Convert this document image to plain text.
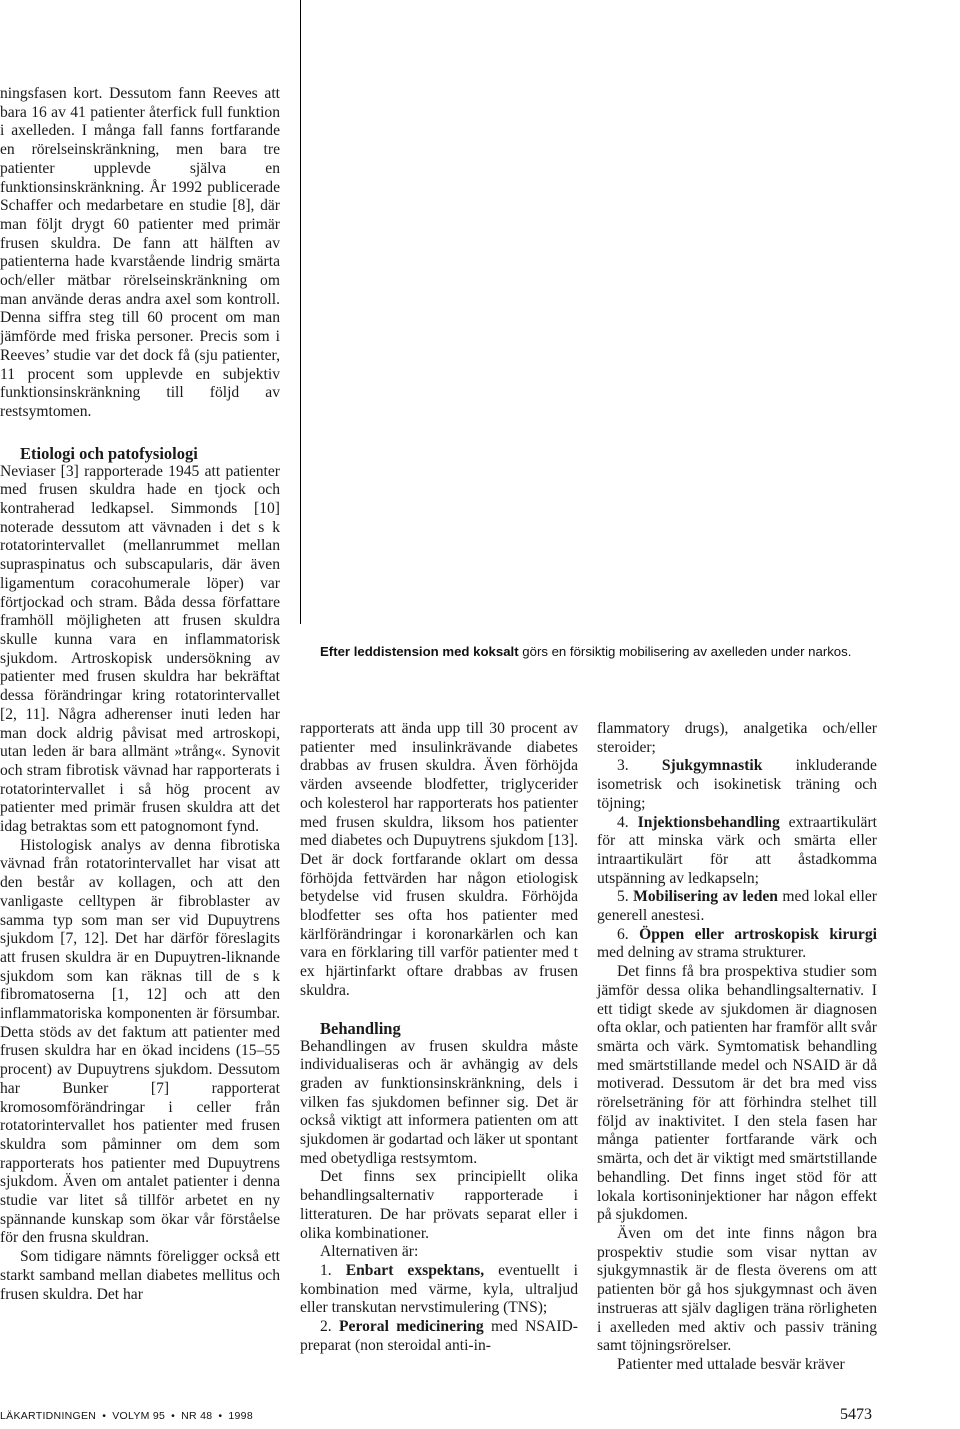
ningsfasen kort. Dessutom fann Reeves att bara 16 av 41 patienter återfick full funktion i axelleden. I många fall fanns fortfarande en rörelseinskränkning, men bara tre patienter upplevde själva en funktionsinskränkning. År 1992 publicerade Schaffer och medarbetare en studie [8], där man följt drygt 60 patienter med primär frusen skuldra. De fann att hälften av patienterna hade kvarstående lindrig smärta och/eller mätbar rörelseinskränkning om man använde deras andra axel som kontroll. Denna siffra steg till 60 procent om man jämförde med friska personer. Precis som i Reeves’ studie var det dock få (sju patienter, 11 procent som upplevde en subjektiv funktionsinskränkning till följd av restsymtomen.

Etiologi och patofysiologi

Neviaser [3] rapporterade 1945 att patienter med frusen skuldra hade en tjock och kontraherad ledkapsel. Simmonds [10] noterade dessutom att vävnaden i det s k rotatorintervallet (mellanrummet mellan supraspinatus och subscapularis, där även ligamentum coracohumerale löper) var förtjockad och stram. Båda dessa författare framhöll möjligheten att frusen skuldra skulle kunna vara en inflammatorisk sjukdom. Artroskopisk undersökning av patienter med frusen skuldra har bekräftat dessa förändringar kring rotatorintervallet [2, 11]. Några adherenser inuti leden har man dock aldrig påvisat med artroskopi, utan leden är bara allmänt »trång«. Synovit och stram fibrotisk vävnad har rapporterats i rotatorintervallet i så hög procent av patienter med primär frusen skuldra att det idag betraktas som ett patognomont fynd.

Histologisk analys av denna fibrotiska vävnad från rotatorintervallet har visat att den består av kollagen, och att den vanligaste celltypen är fibroblaster av samma typ som man ser vid Dupuytrens sjukdom [7, 12]. Det har därför föreslagits att frusen skuldra är en Dupuytren-liknande sjukdom som kan räknas till de s k fibromatoserna [1, 12] och att den inflammatoriska komponenten är försumbar. Detta stöds av det faktum att patienter med frusen skuldra har en ökad incidens (15–55 procent) av Dupuytrens sjukdom. Dessutom har Bunker [7] rapporterat kromosomförändringar i celler från rotatorintervallet hos patienter med frusen skuldra som påminner om dem som rapporterats hos patienter med Dupuytrens sjukdom. Även om antalet patienter i denna studie var litet så tillför arbetet en ny spännande kunskap som ökar vår förståelse för den frusna skuldran.

Som tidigare nämnts föreligger också ett starkt samband mellan diabetes mellitus och frusen skuldra. Det har

Efter leddistension med koksalt görs en försiktig mobilisering av axelleden under narkos.

rapporterats att ända upp till 30 procent av patienter med insulinkrävande diabetes drabbas av frusen skuldra. Även förhöjda värden avseende blodfetter, triglycerider och kolesterol har rapporterats hos patienter med frusen skuldra, liksom hos patienter med diabetes och Dupuytrens sjukdom [13]. Det är dock fortfarande oklart om dessa förhöjda fettvärden har någon etiologisk betydelse vid frusen skuldra. Förhöjda blodfetter ses ofta hos patienter med kärlförändringar i koronarkärlen och kan vara en förklaring till varför patienter med t ex hjärtinfarkt oftare drabbas av frusen skuldra.

Behandling

Behandlingen av frusen skuldra måste individualiseras och är avhängig av dels graden av funktionsinskränkning, dels i vilken fas sjukdomen befinner sig. Det är också viktigt att informera patienten om att sjukdomen är godartad och läker ut spontant med obetydliga restsymtom.

Det finns sex principiellt olika behandlingsalternativ rapporterade i litteraturen. De har prövats separat eller i olika kombinationer.

Alternativen är:

1. Enbart exspektans, eventuellt i kombination med värme, kyla, ultraljud eller transkutan nervstimulering (TNS);

2. Peroral medicinering med NSAID-preparat (non steroidal anti-in-

flammatory drugs), analgetika och/eller steroider;

3. Sjukgymnastik inkluderande isometrisk och isokinetisk träning och töjning;

4. Injektionsbehandling extraartikulärt för att minska värk och smärta eller intraartikulärt för att åstadkomma utspänning av ledkapseln;

5. Mobilisering av leden med lokal eller generell anestesi.

6. Öppen eller artroskopisk kirurgi med delning av strama strukturer.

Det finns få bra prospektiva studier som jämför dessa olika behandlingsalternativ. I ett tidigt skede av sjukdomen är diagnosen ofta oklar, och patienten har framför allt svår smärta och värk. Symtomatisk behandling med smärtstillande medel och NSAID är då motiverad. Dessutom är det bra med viss rörelseträning för att förhindra stelhet till följd av inaktivitet. I den stela fasen har många patienter fortfarande värk och smärta, och det är viktigt med smärtstillande behandling. Det finns inget stöd för att lokala kortisoninjektioner har någon effekt på sjukdomen.

Även om det inte finns någon bra prospektiv studie som visar nyttan av sjukgymnastik är de flesta överens om att patienten bör gå hos sjukgymnast och även instrueras att själv dagligen träna rörligheten i axelleden med aktiv och passiv träning samt töjningsrörelser.

Patienter med uttalade besvär kräver

LÄKARTIDNINGEN • VOLYM 95 • NR 48 • 1998	5473
